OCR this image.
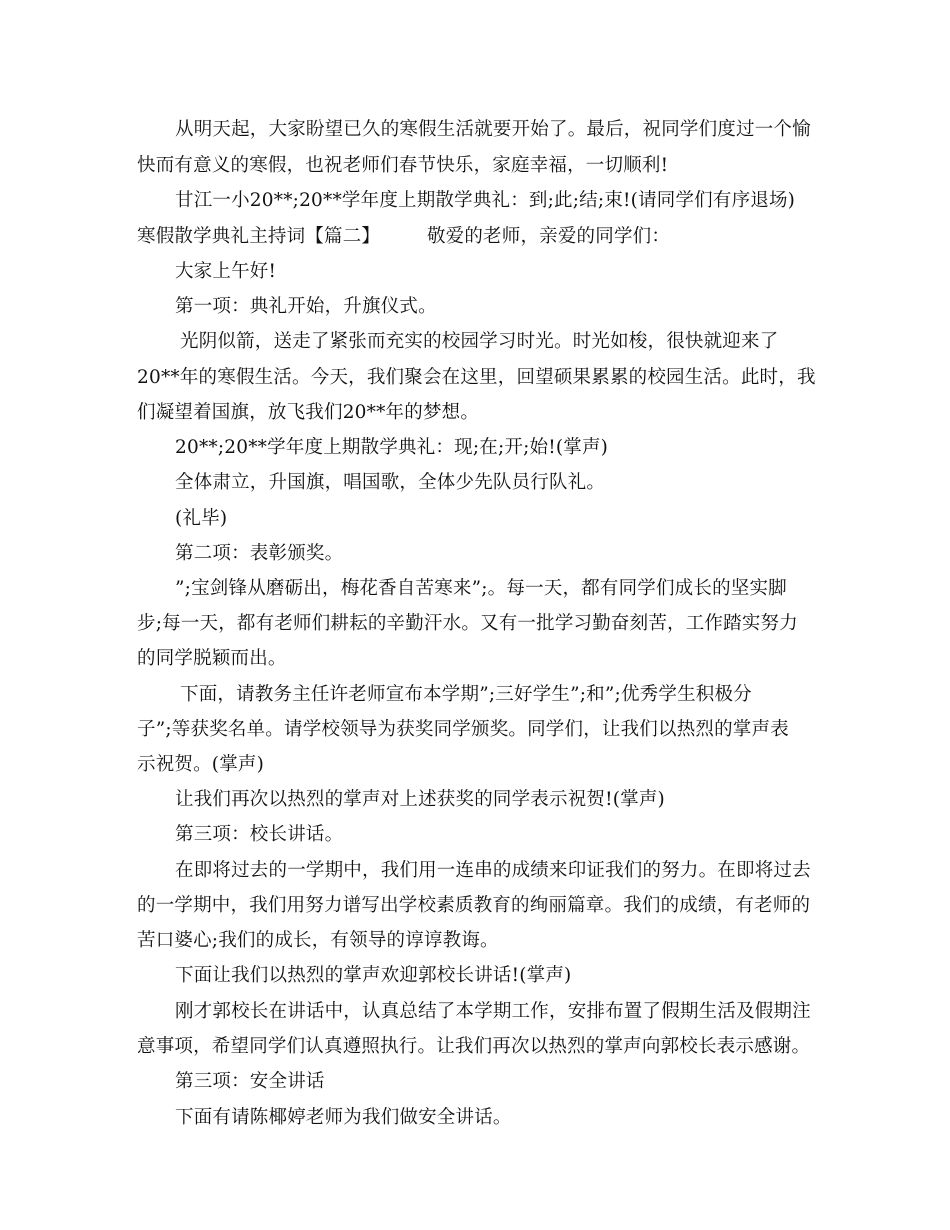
从明天起，大家盼望已久的寒假生活就要开始了。最后，祝同学们度过一个愉
快而有意义的寒假，也祝老师们春节快乐，家庭幸福，一切顺利!
甘江一小20**;20**学年度上期散学典礼：到;此;结;束!(请同学们有序退场)
寒假散学典礼主持词【篇二】　　　敬爱的老师，亲爱的同学们：
大家上午好!
第一项：典礼开始，升旗仪式。
光阴似箭，送走了紧张而充实的校园学习时光。时光如梭，很快就迎来了
20**年的寒假生活。今天，我们聚会在这里，回望硕果累累的校园生活。此时，我
们凝望着国旗，放飞我们20**年的梦想。
20**;20**学年度上期散学典礼：现;在;开;始!(掌声)
全体肃立，升国旗，唱国歌，全体少先队员行队礼。
(礼毕)
第二项：表彰颁奖。
”;宝剑锋从磨砺出，梅花香自苦寒来”;。每一天，都有同学们成长的坚实脚
步;每一天，都有老师们耕耘的辛勤汗水。又有一批学习勤奋刻苦，工作踏实努力
的同学脱颖而出。
下面，请教务主任许老师宣布本学期”;三好学生”;和”;优秀学生积极分
子”;等获奖名单。请学校领导为获奖同学颁奖。同学们，让我们以热烈的掌声表
示祝贺。(掌声)
让我们再次以热烈的掌声对上述获奖的同学表示祝贺!(掌声)
第三项：校长讲话。
在即将过去的一学期中，我们用一连串的成绩来印证我们的努力。在即将过去
的一学期中，我们用努力谱写出学校素质教育的绚丽篇章。我们的成绩，有老师的
苦口婆心;我们的成长，有领导的谆谆教诲。
下面让我们以热烈的掌声欢迎郭校长讲话!(掌声)
刚才郭校长在讲话中，认真总结了本学期工作，安排布置了假期生活及假期注
意事项，希望同学们认真遵照执行。让我们再次以热烈的掌声向郭校长表示感谢。
第三项：安全讲话
下面有请陈椰婷老师为我们做安全讲话。
